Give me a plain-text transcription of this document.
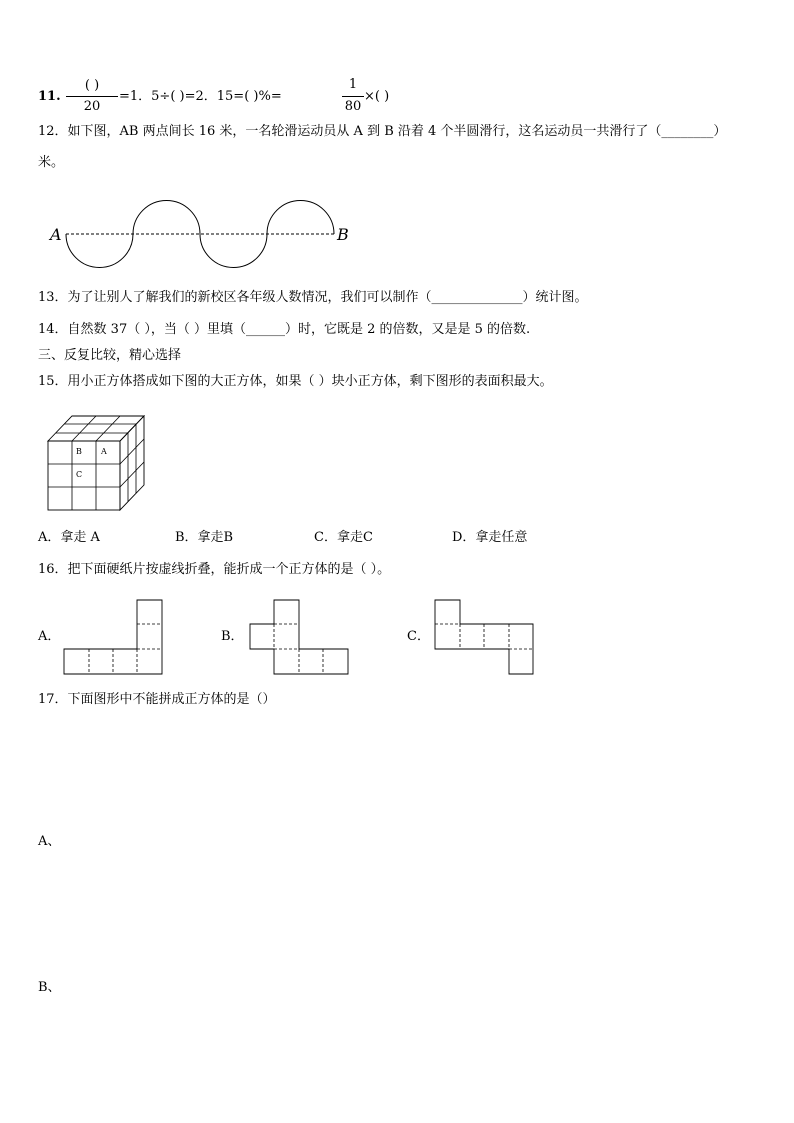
11.
( )
20
=1．5÷( )=2．15=( )%=
1
80
×( )
12．如下图，AB 两点间长 16 米，一名轮滑运动员从 A 到 B 沿着 4 个半圆滑行，这名运动员一共滑行了（________）
米。
A	B
13．为了让别人了解我们的新校区各年级人数情况，我们可以制作（______________）统计图。
14．自然数 37（ ），当（ ）里填（______）时，它既是 2 的倍数，又是是 5 的倍数.
三、反复比较，精心选择
15．用小正方体搭成如下图的大正方体，如果（ ）块小正方体，剩下图形的表面积最大。
B A
C
A．拿走 A	B．拿走B	C．拿走C	D．拿走任意
16．把下面硬纸片按虚线折叠，能折成一个正方体的是（ ）。
A．	B．	C．
17．下面图形中不能拼成正方体的是（）
A、
B、
